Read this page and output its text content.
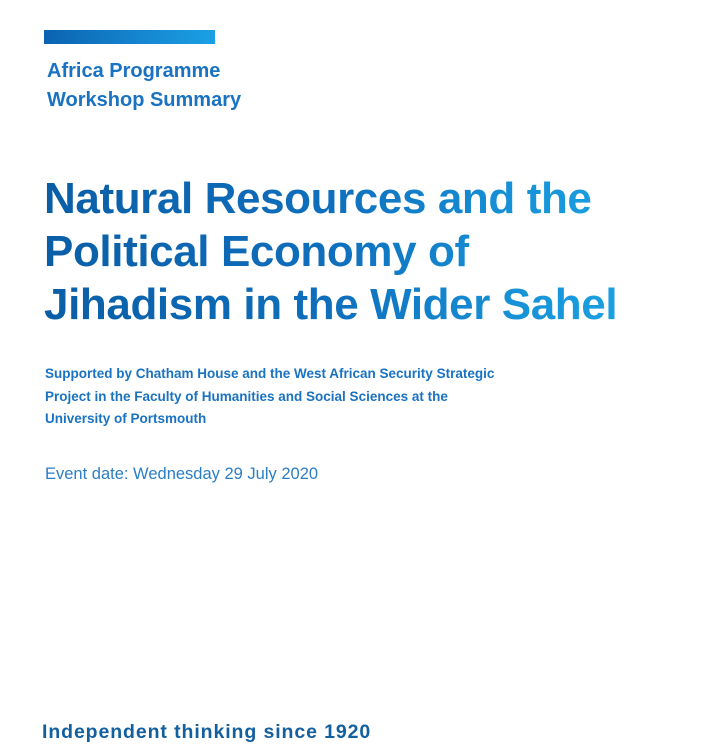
Africa Programme
Workshop Summary
Natural Resources and the
Political Economy of
Jihadism in the Wider Sahel
Supported by Chatham House and the West African Security Strategic
Project in the Faculty of Humanities and Social Sciences at the
University of Portsmouth
Event date: Wednesday 29 July 2020
Independent thinking since 1920
